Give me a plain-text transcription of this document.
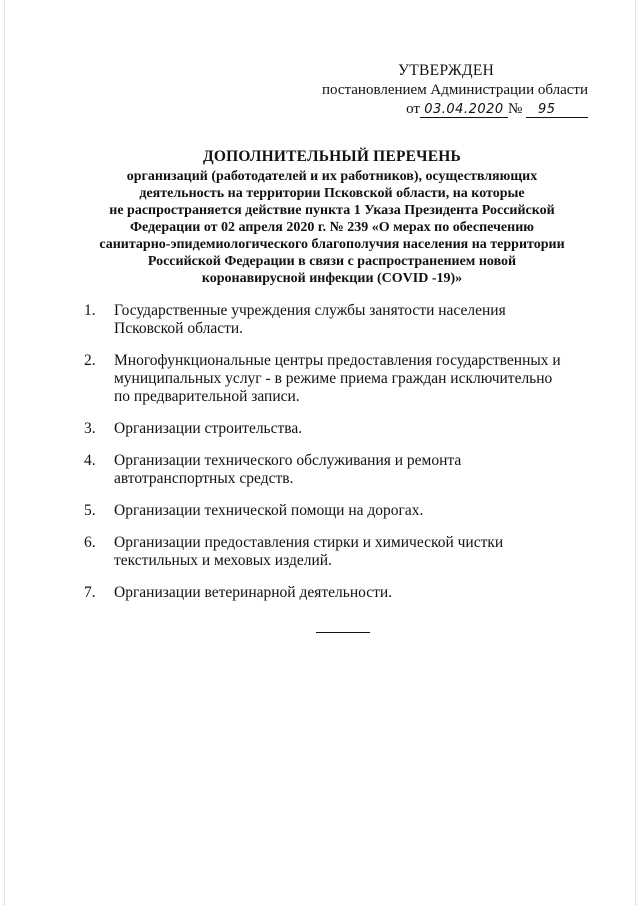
УТВЕРЖДЕН
постановлением Администрации области
от 03.04.2020 № 95
ДОПОЛНИТЕЛЬНЫЙ ПЕРЕЧЕНЬ
организаций (работодателей и их работников), осуществляющих
деятельность на территории Псковской области, на которые
не распространяется действие пункта 1 Указа Президента Российской
Федерации от 02 апреля 2020 г. № 239 «О мерах по обеспечению
санитарно-эпидемиологического благополучия населения на территории
Российской Федерации в связи с распространением новой
коронавирусной инфекции (COVID -19)»
1. Государственные учреждения службы занятости населения
Псковской области.
2. Многофункциональные центры предоставления государственных и
муниципальных услуг - в режиме приема граждан исключительно
по предварительной записи.
3. Организации строительства.
4. Организации технического обслуживания и ремонта
автотранспортных средств.
5. Организации технической помощи на дорогах.
6. Организации предоставления стирки и химической чистки
текстильных и меховых изделий.
7. Организации ветеринарной деятельности.
